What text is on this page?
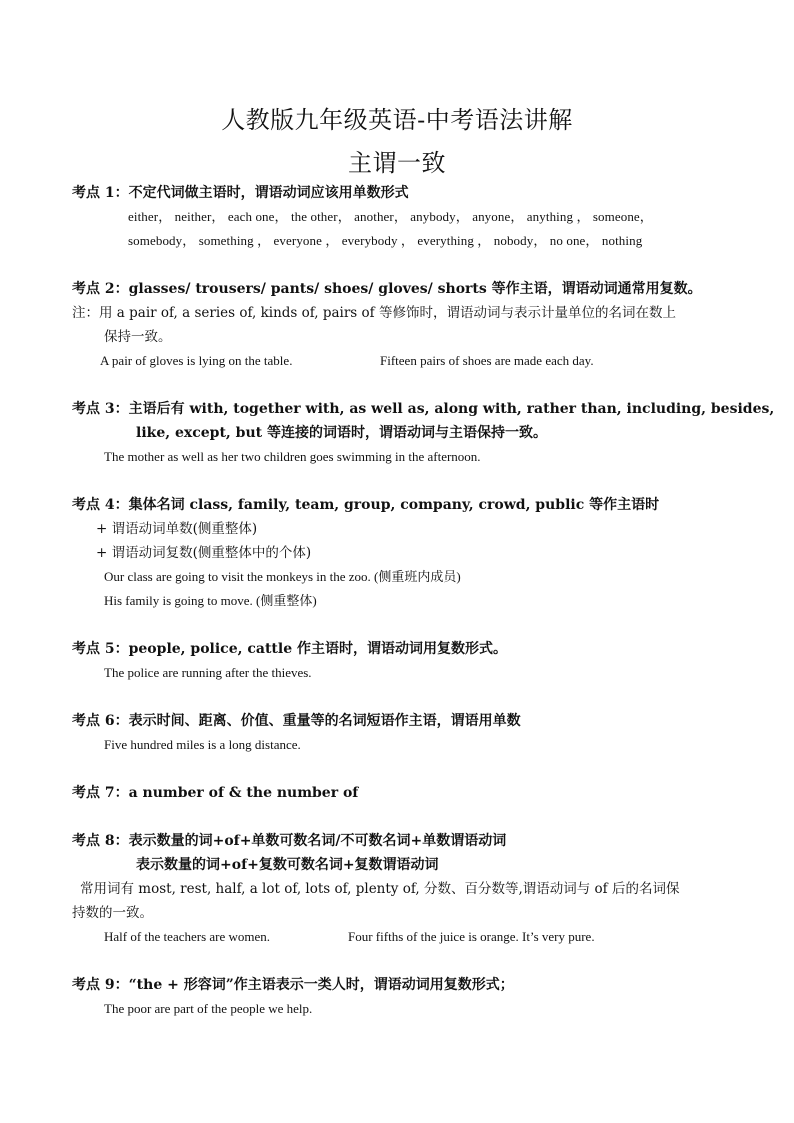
人教版九年级英语-中考语法讲解
主谓一致
考点 1：不定代词做主语时，谓语动词应该用单数形式
either， neither， each one， the other， another， anybody， anyone， anything ， someone，
somebody， something ， everyone ， everybody ， everything ， nobody， no one， nothing
考点 2：glasses/ trousers/ pants/ shoes/ gloves/ shorts 等作主语，谓语动词通常用复数。
注：用 a pair of, a series of, kinds of, pairs of 等修饰时，谓语动词与表示计量单位的名词在数上
保持一致。
A pair of gloves is lying on the table.	Fifteen pairs of shoes are made each day.
考点 3：主语后有 with, together with, as well as, along with, rather than, including, besides,
like, except, but 等连接的词语时，谓语动词与主语保持一致。
The mother as well as her two children goes swimming in the afternoon.
考点 4：集体名词 class, family, team, group, company, crowd, public 等作主语时
+ 谓语动词单数(侧重整体)
+ 谓语动词复数(侧重整体中的个体)
Our class are going to visit the monkeys in the zoo. (侧重班内成员)
His family is going to move. (侧重整体)
考点 5：people, police, cattle 作主语时，谓语动词用复数形式。
The police are running after the thieves.
考点 6：表示时间、距离、价值、重量等的名词短语作主语，谓语用单数
Five hundred miles is a long distance.
考点 7：a number of & the number of
考点 8：表示数量的词+of+单数可数名词/不可数名词+单数谓语动词
表示数量的词+of+复数可数名词+复数谓语动词
常用词有 most, rest, half, a lot of, lots of, plenty of, 分数、百分数等,谓语动词与 of 后的名词保
持数的一致。
Half of the teachers are women.	Four fifths of the juice is orange. It’s very pure.
考点 9：“the + 形容词”作主语表示一类人时，谓语动词用复数形式；
The poor are part of the people we help.
